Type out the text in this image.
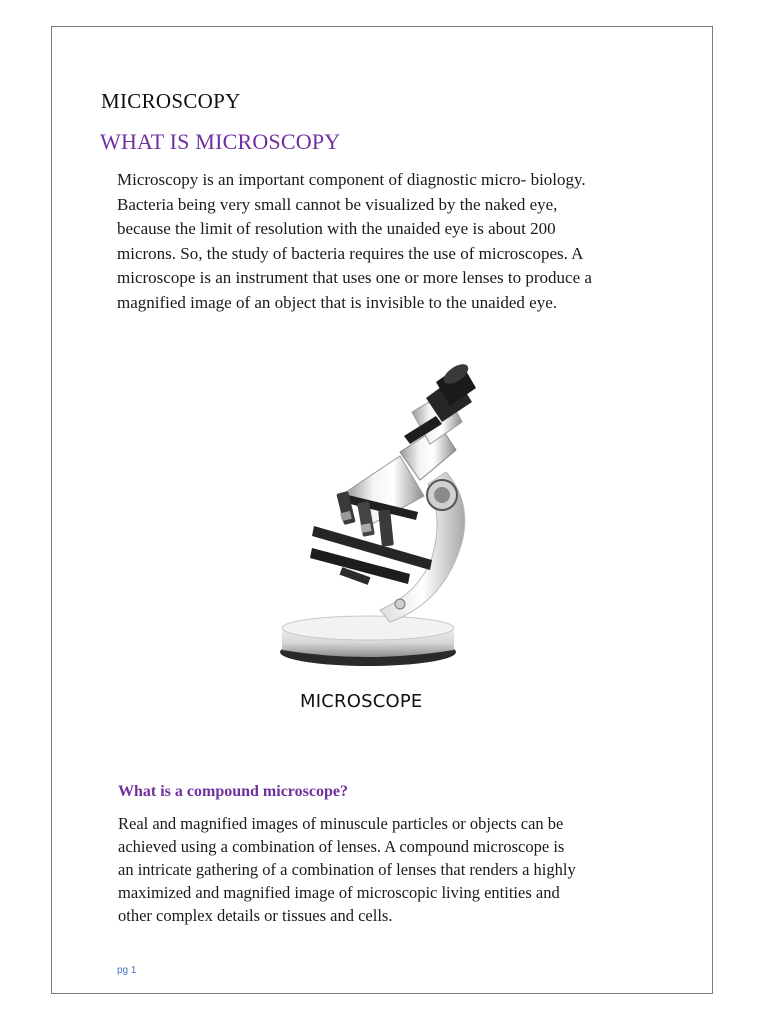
MICROSCOPY
WHAT IS MICROSCOPY

Microscopy is an important component of diagnostic micro- biology.
Bacteria being very small cannot be visualized by the naked eye,
because the limit of resolution with the unaided eye is about 200
microns. So, the study of bacteria requires the use of microscopes. A
microscope is an instrument that uses one or more lenses to produce a
magnified image of an object that is invisible to the unaided eye.

MICROSCOPE
What is a compound microscope?

Real and magnified images of minuscule particles or objects can be
achieved using a combination of lenses. A compound microscope is
an intricate gathering of a combination of lenses that renders a highly
maximized and magnified image of microscopic living entities and
other complex details or tissues and cells.

pg 1
